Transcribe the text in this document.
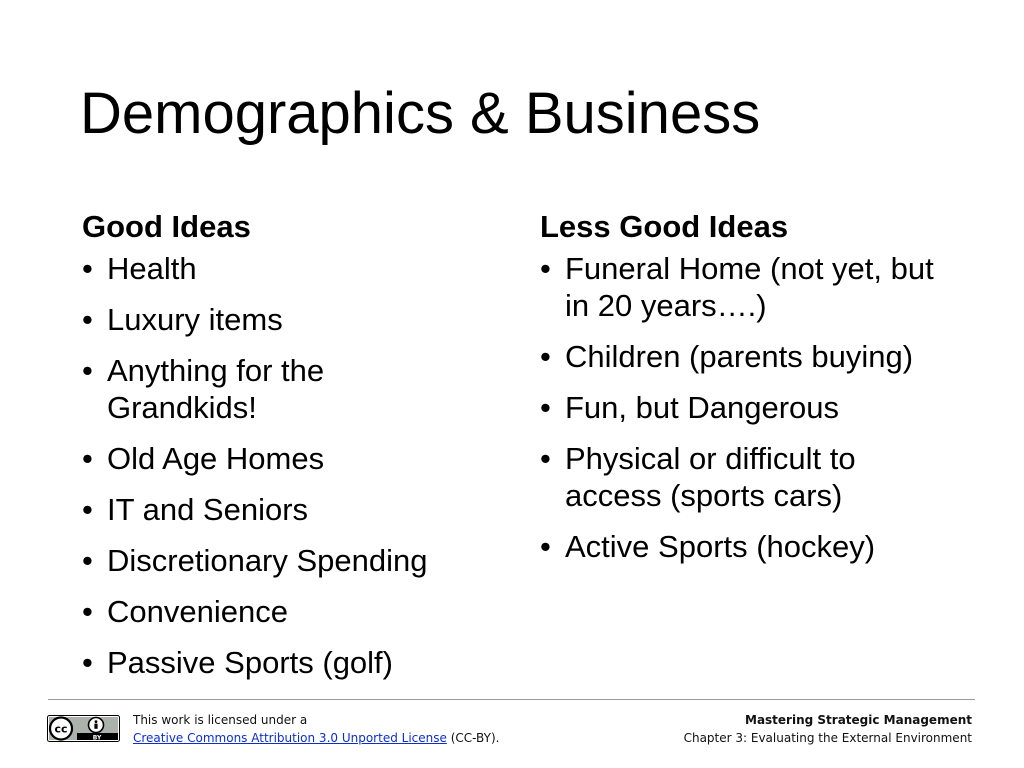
Demographics & Business
Good Ideas
• Health
• Luxury items
• Anything for the Grandkids!
• Old Age Homes
• IT and Seniors
• Discretionary Spending
• Convenience
• Passive Sports (golf)
Less Good Ideas
• Funeral Home (not yet, but in 20 years….)
• Children (parents buying)
• Fun, but Dangerous
• Physical or difficult to access (sports cars)
• Active Sports (hockey)
cc
BY
This work is licensed under a
Creative Commons Attribution 3.0 Unported License (CC-BY).
Mastering Strategic Management
Chapter 3: Evaluating the External Environment
